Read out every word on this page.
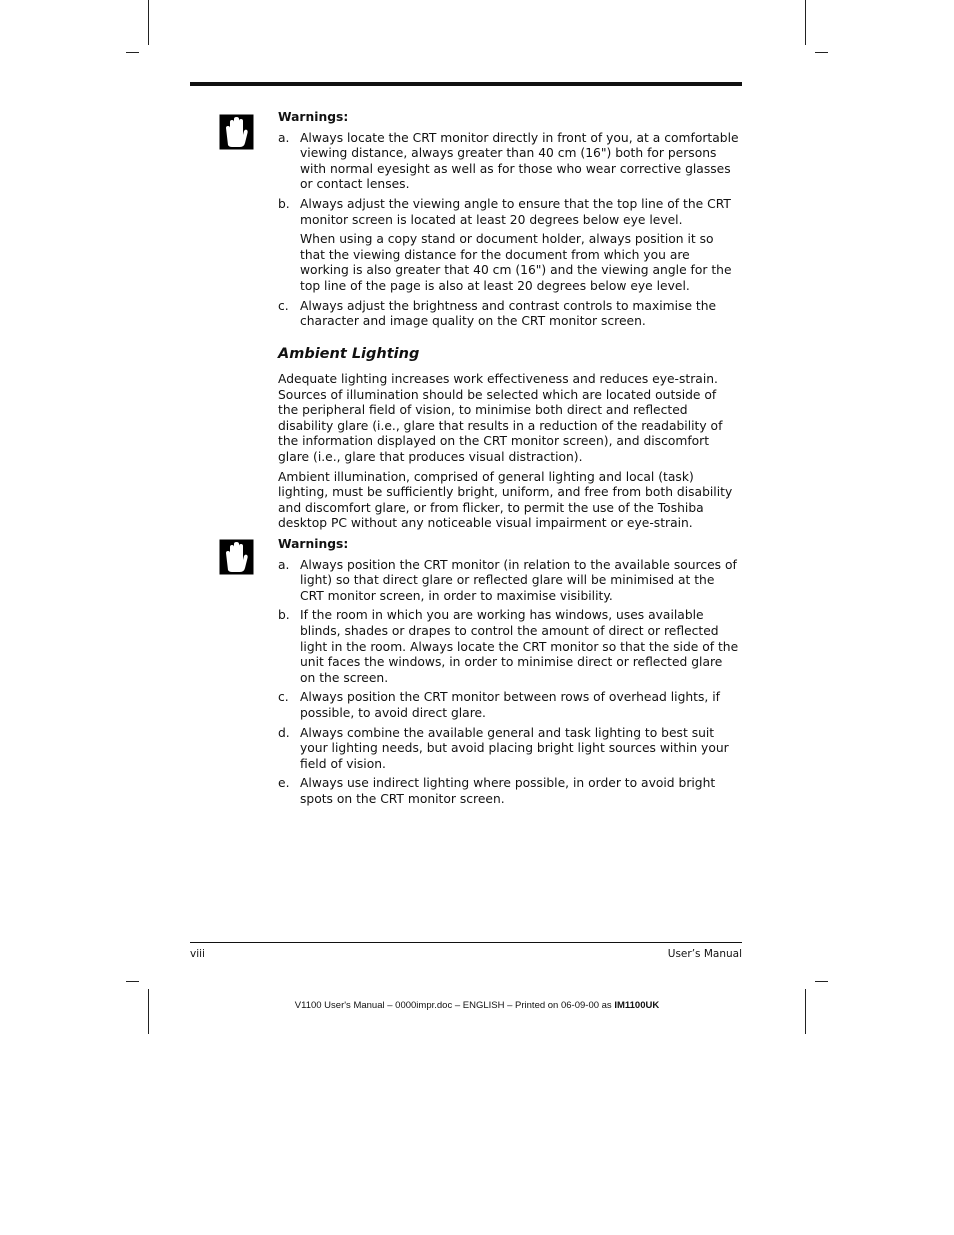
Warnings:
a. Always locate the CRT monitor directly in front of you, at a comfortable viewing distance, always greater than 40 cm (16") both for persons with normal eyesight as well as for those who wear corrective glasses or contact lenses.

b. Always adjust the viewing angle to ensure that the top line of the CRT monitor screen is located at least 20 degrees below eye level.

When using a copy stand or document holder, always position it so that the viewing distance for the document from which you are working is also greater that 40 cm (16") and the viewing angle for the top line of the page is also at least 20 degrees below eye level.

c. Always adjust the brightness and contrast controls to maximise the character and image quality on the CRT monitor screen.

Ambient Lighting

Adequate lighting increases work effectiveness and reduces eye-strain. Sources of illumination should be selected which are located outside of the peripheral field of vision, to minimise both direct and reflected disability glare (i.e., glare that results in a reduction of the readability of the information displayed on the CRT monitor screen), and discomfort glare (i.e., glare that produces visual distraction).

Ambient illumination, comprised of general lighting and local (task) lighting, must be sufficiently bright, uniform, and free from both disability and discomfort glare, or from flicker, to permit the use of the Toshiba desktop PC without any noticeable visual impairment or eye-strain.

Warnings:
a. Always position the CRT monitor (in relation to the available sources of light) so that direct glare or reflected glare will be minimised at the CRT monitor screen, in order to maximise visibility.

b. If the room in which you are working has windows, uses available blinds, shades or drapes to control the amount of direct or reflected light in the room. Always locate the CRT monitor so that the side of the unit faces the windows, in order to minimise direct or reflected glare on the screen.

c. Always position the CRT monitor between rows of overhead lights, if possible, to avoid direct glare.

d. Always combine the available general and task lighting to best suit your lighting needs, but avoid placing bright light sources within your field of vision.

e. Always use indirect lighting where possible, in order to avoid bright spots on the CRT monitor screen.

viii	User’s Manual
V1100 User's Manual – 0000impr.doc – ENGLISH – Printed on 06-09-00 as IM1100UK
